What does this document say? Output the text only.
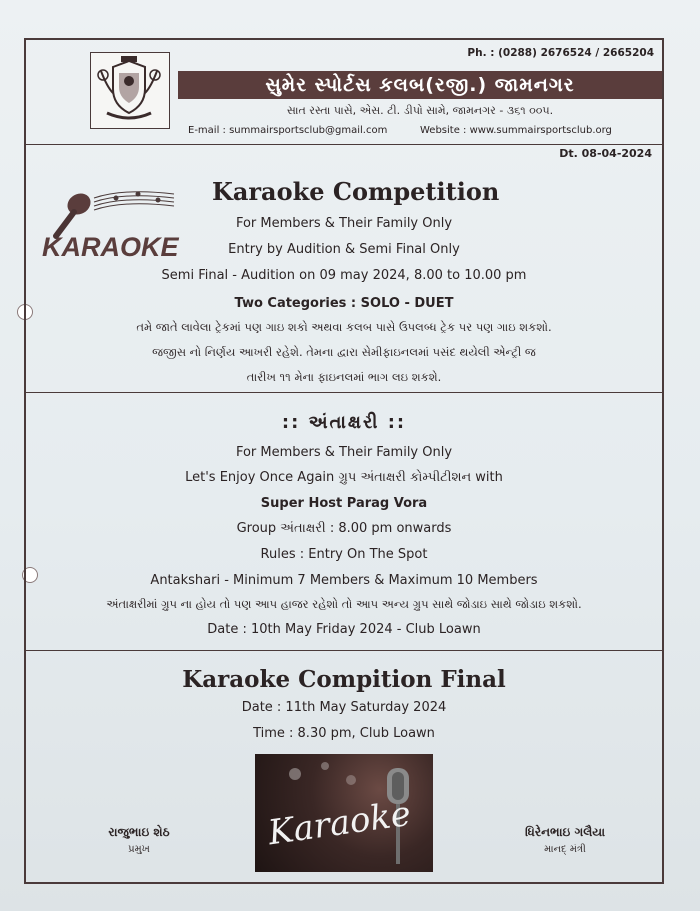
Ph. : (0288) 2676524 / 2665204
સુમેર સ્પોર્ટસ કલબ(રજી.) જામનગર
સાત રસ્તા પાસે, એસ. ટી. ડીપો સામે, જામનગર - ૩૬૧ ૦૦૫.
E-mail : summairsportsclub@gmail.com	Website : www.summairsportsclub.org
Dt. 08-04-2024
KARAOKE
Karaoke Competition
For Members & Their Family Only
Entry by Audition & Semi Final Only
Semi Final - Audition on 09 may 2024, 8.00 to 10.00 pm
Two Categories : SOLO - DUET
તમે જાતે લાવેલા ટ્રેકમાં પણ ગાઇ શકો અથવા કલબ પાસે ઉપલબ્ધ ટ્રેક પર પણ ગાઇ શકશો.
જજીસ નો નિર્ણય આખરી રહેશે. તેમના દ્વારા સેમીફાઇનલમાં પસંદ થયેલી એન્ટ્રી જ
તારીખ ૧૧ મેના ફાઇનલમાં ભાગ લઇ શકશે.
:: અંતાક્ષરી ::
For Members & Their Family Only
Let's Enjoy Once Again ગ્રુપ અંતાક્ષરી કોમ્પીટીશન with
Super Host Parag Vora
Group અંતાક્ષરી : 8.00 pm onwards
Rules : Entry On The Spot
Antakshari - Minimum 7 Members & Maximum 10 Members
અંતાક્ષરીમાં ગ્રુપ ના હોય તો પણ આપ હાજર રહેશો તો આપ અન્ય ગ્રુપ સાથે જોડાઇ સાથે જોડાઇ શકશો.
Date : 10th May Friday 2024 - Club Loawn
Karaoke Compition Final
Date : 11th May Saturday 2024
Time : 8.30 pm, Club Loawn
Karaoke
રાજુભાઇ શેઠ
પ્રમુખ
ધિરેનભાઇ ગલૈયા
માનદ્ મંત્રી
